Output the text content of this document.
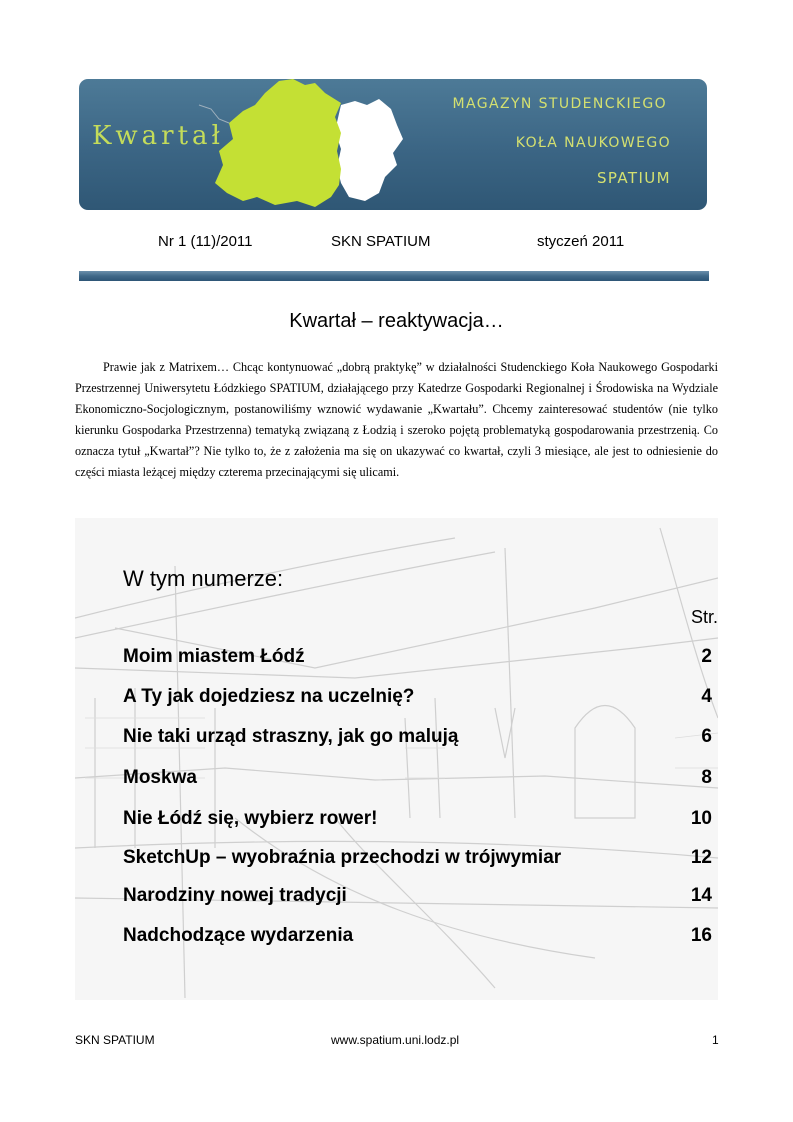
Kwartał
MAGAZYN STUDENCKIEGO
KOŁA NAUKOWEGO
SPATIUM
Nr 1 (11)/2011	SKN SPATIUM	styczeń 2011
Kwartał – reaktywacja…
Prawie jak z Matrixem… Chcąc kontynuować „dobrą praktykę” w działalności Studenckiego Koła Naukowego Gospodarki Przestrzennej Uniwersytetu Łódzkiego SPATIUM, działającego przy Katedrze Gospodarki Regionalnej i Środowiska na Wydziale Ekonomiczno-Socjologicznym, postanowiliśmy wznowić wydawanie „Kwartału”. Chcemy zainteresować studentów (nie tylko kierunku Gospodarka Przestrzenna) tematyką związaną z Łodzią i szeroko pojętą problematyką gospodarowania przestrzenią. Co oznacza tytuł „Kwartał”? Nie tylko to, że z założenia ma się on ukazywać co kwartał, czyli 3 miesiące, ale jest to odniesienie do części miasta leżącej między czterema przecinającymi się ulicami.
W tym numerze:
Str.
Moim miastem Łódź	2
A Ty jak dojedziesz na uczelnię?	4
Nie taki urząd straszny, jak go malują	6
Moskwa	8
Nie Łódź się, wybierz rower!	10
SketchUp – wyobraźnia przechodzi w trójwymiar	12
Narodziny nowej tradycji	14
Nadchodzące wydarzenia	16
SKN SPATIUM	www.spatium.uni.lodz.pl	1
